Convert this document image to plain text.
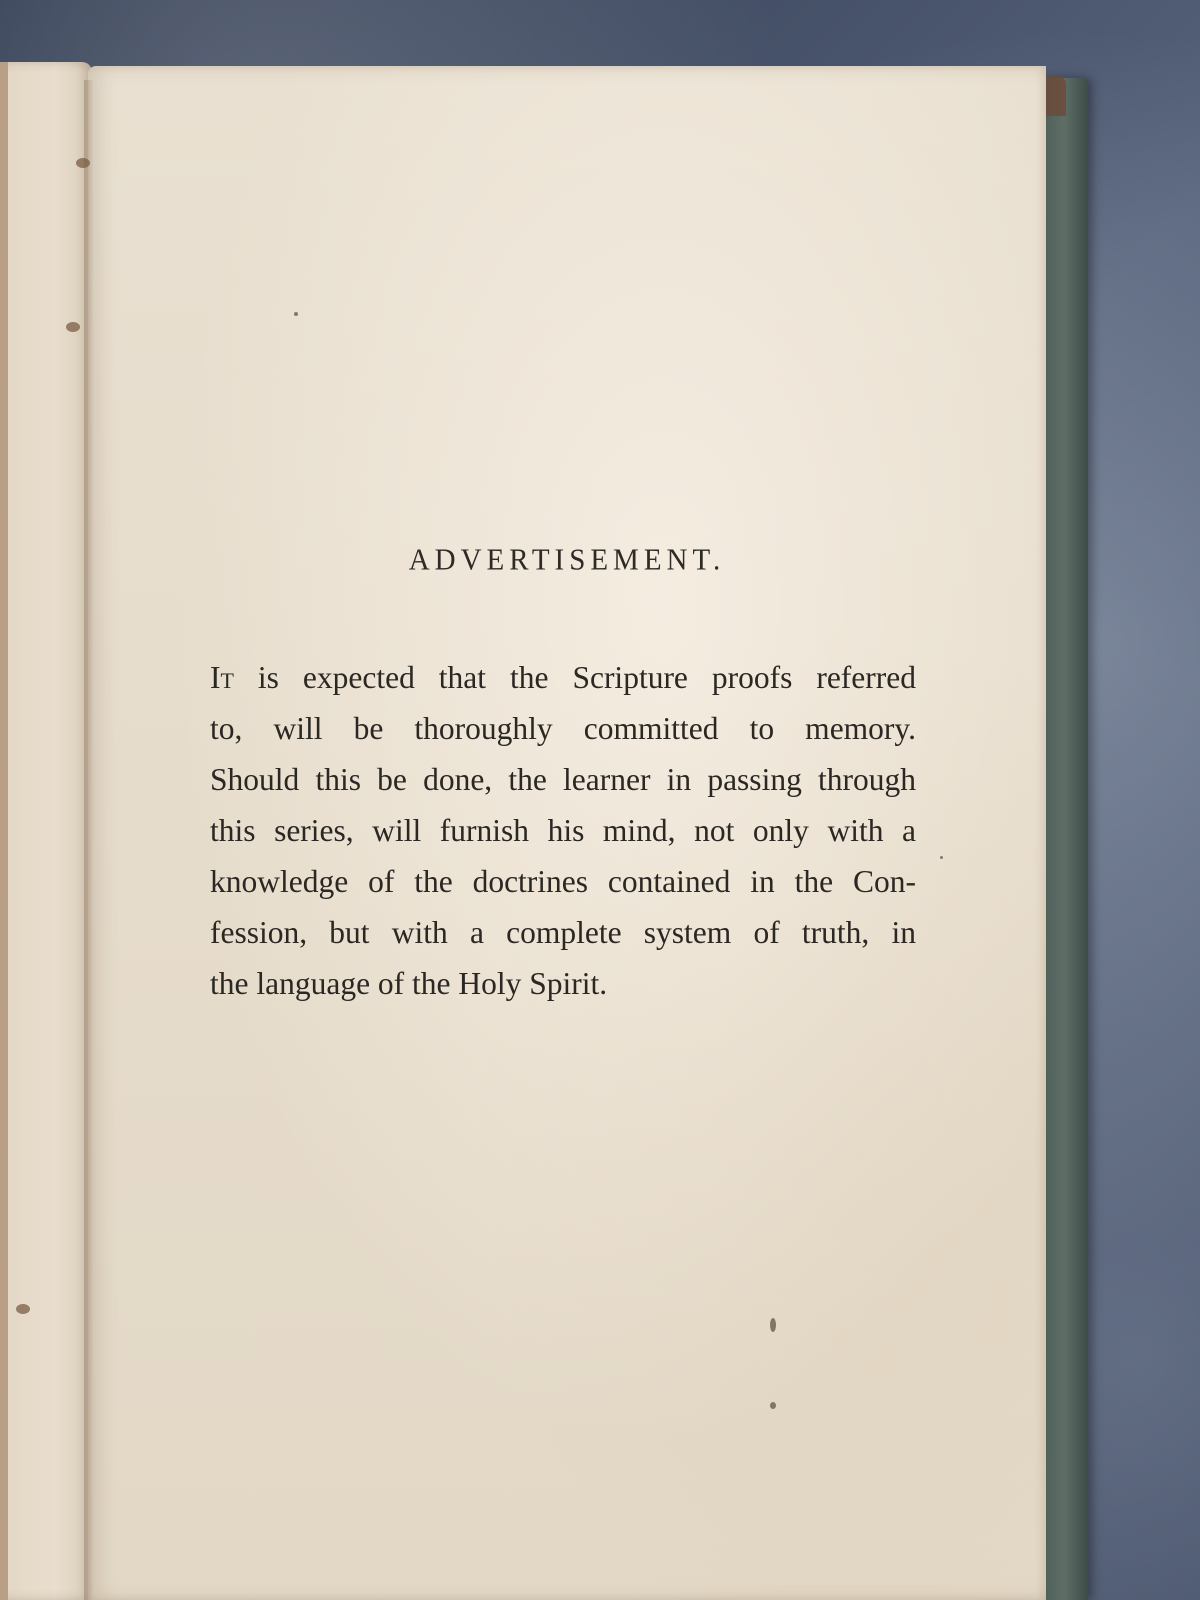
ADVERTISEMENT.
It is expected that the Scripture proofs referred
to, will be thoroughly committed to memory.
Should this be done, the learner in passing through
this series, will furnish his mind, not only with a
knowledge of the doctrines contained in the Con-
fession, but with a complete system of truth, in
the language of the Holy Spirit.
